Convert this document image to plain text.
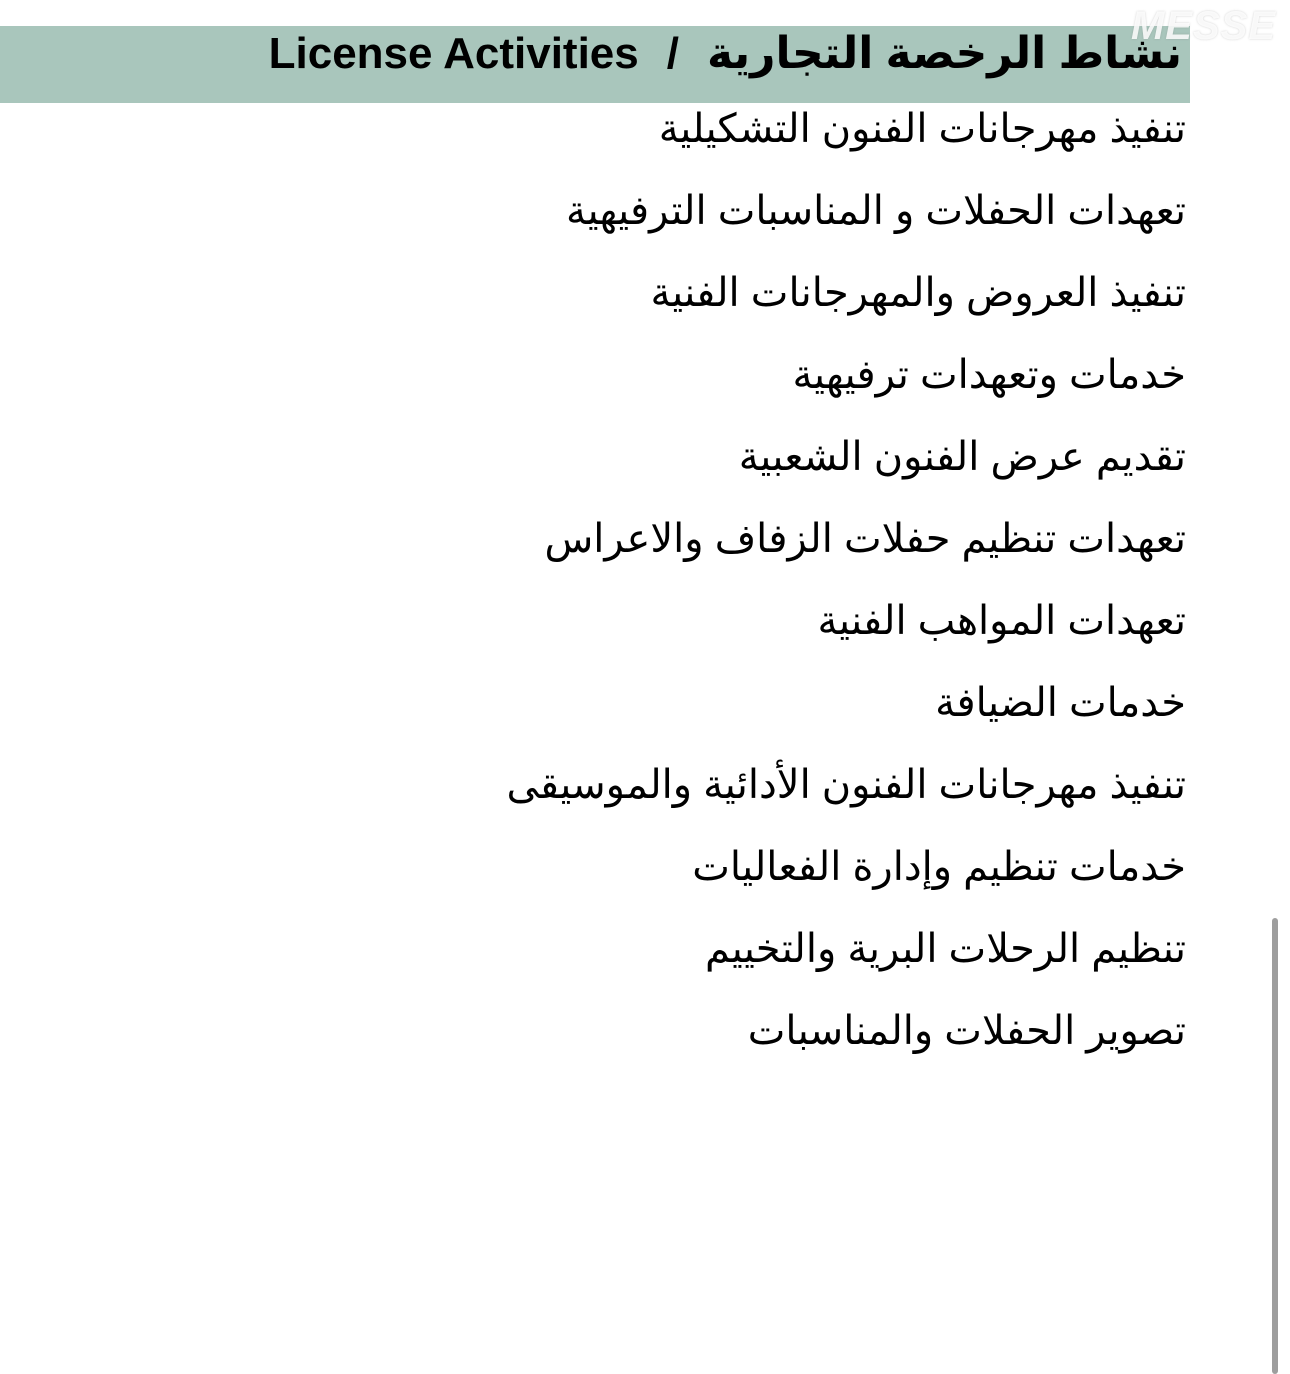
License Activities / نشاط الرخصة التجارية
MESSE
تنفيذ مهرجانات الفنون التشكيلية
تعهدات الحفلات و المناسبات الترفيهية
تنفيذ العروض والمهرجانات الفنية
خدمات وتعهدات ترفيهية
تقديم عرض الفنون الشعبية
تعهدات تنظيم حفلات الزفاف والاعراس
تعهدات المواهب الفنية
خدمات الضيافة
تنفيذ مهرجانات الفنون الأدائية والموسيقى
خدمات تنظيم وإدارة الفعاليات
تنظيم الرحلات البرية والتخييم
تصوير الحفلات والمناسبات
